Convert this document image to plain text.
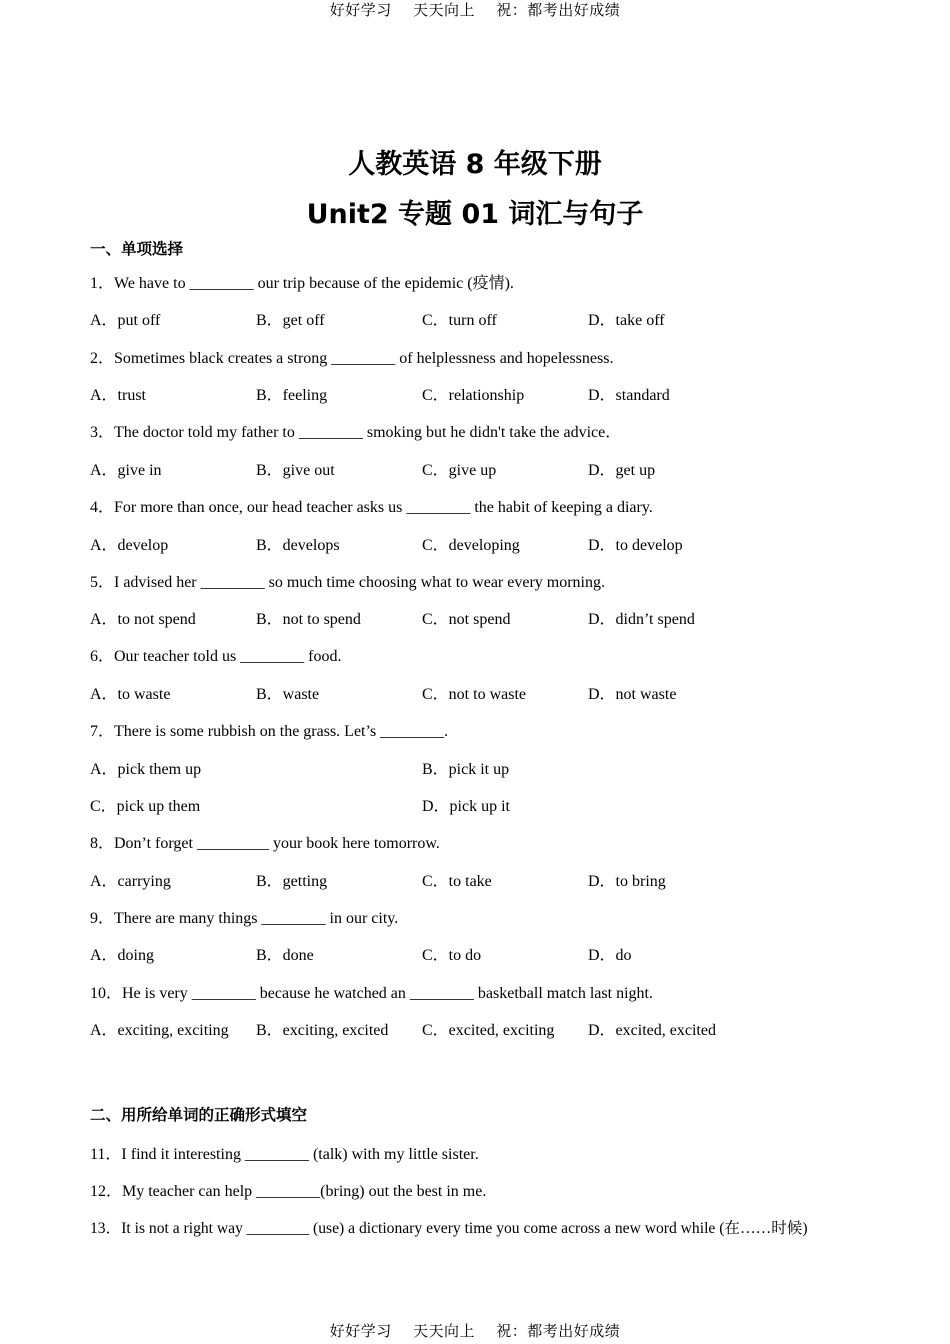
好好学习 天天向上 祝：都考出好成绩
人教英语 8 年级下册
Unit2 专题 01 词汇与句子
一、单项选择
1．We have to ________ our trip because of the epidemic (疫情).
A．put off	B．get off	C．turn off	D．take off
2．Sometimes black creates a strong ________ of helplessness and hopelessness.
A．trust	B．feeling	C．relationship	D．standard
3．The doctor told my father to ________ smoking but he didn't take the advice．
A．give in	B．give out	C．give up	D．get up
4．For more than once, our head teacher asks us ________ the habit of keeping a diary.
A．develop	B．develops	C．developing	D．to develop
5．I advised her ________ so much time choosing what to wear every morning.
A．to not spend	B．not to spend	C．not spend	D．didn’t spend
6．Our teacher told us ________ food.
A．to waste	B．waste	C．not to waste	D．not waste
7．There is some rubbish on the grass. Let’s ________.
A．pick them up	B．pick it up
C．pick up them	D．pick up it
8．Don’t forget _________ your book here tomorrow.
A．carrying	B．getting	C．to take	D．to bring
9．There are many things ________ in our city.
A．doing	B．done	C．to do	D．do
10．He is very ________ because he watched an ________ basketball match last night.
A．exciting, exciting B．exciting, excited C．excited, exciting D．excited, excited
二、用所给单词的正确形式填空
11．I find it interesting ________ (talk) with my little sister.
12．My teacher can help ________(bring) out the best in me.
13．It is not a right way ________ (use) a dictionary every time you come across a new word while (在……时候)
好好学习 天天向上 祝：都考出好成绩
